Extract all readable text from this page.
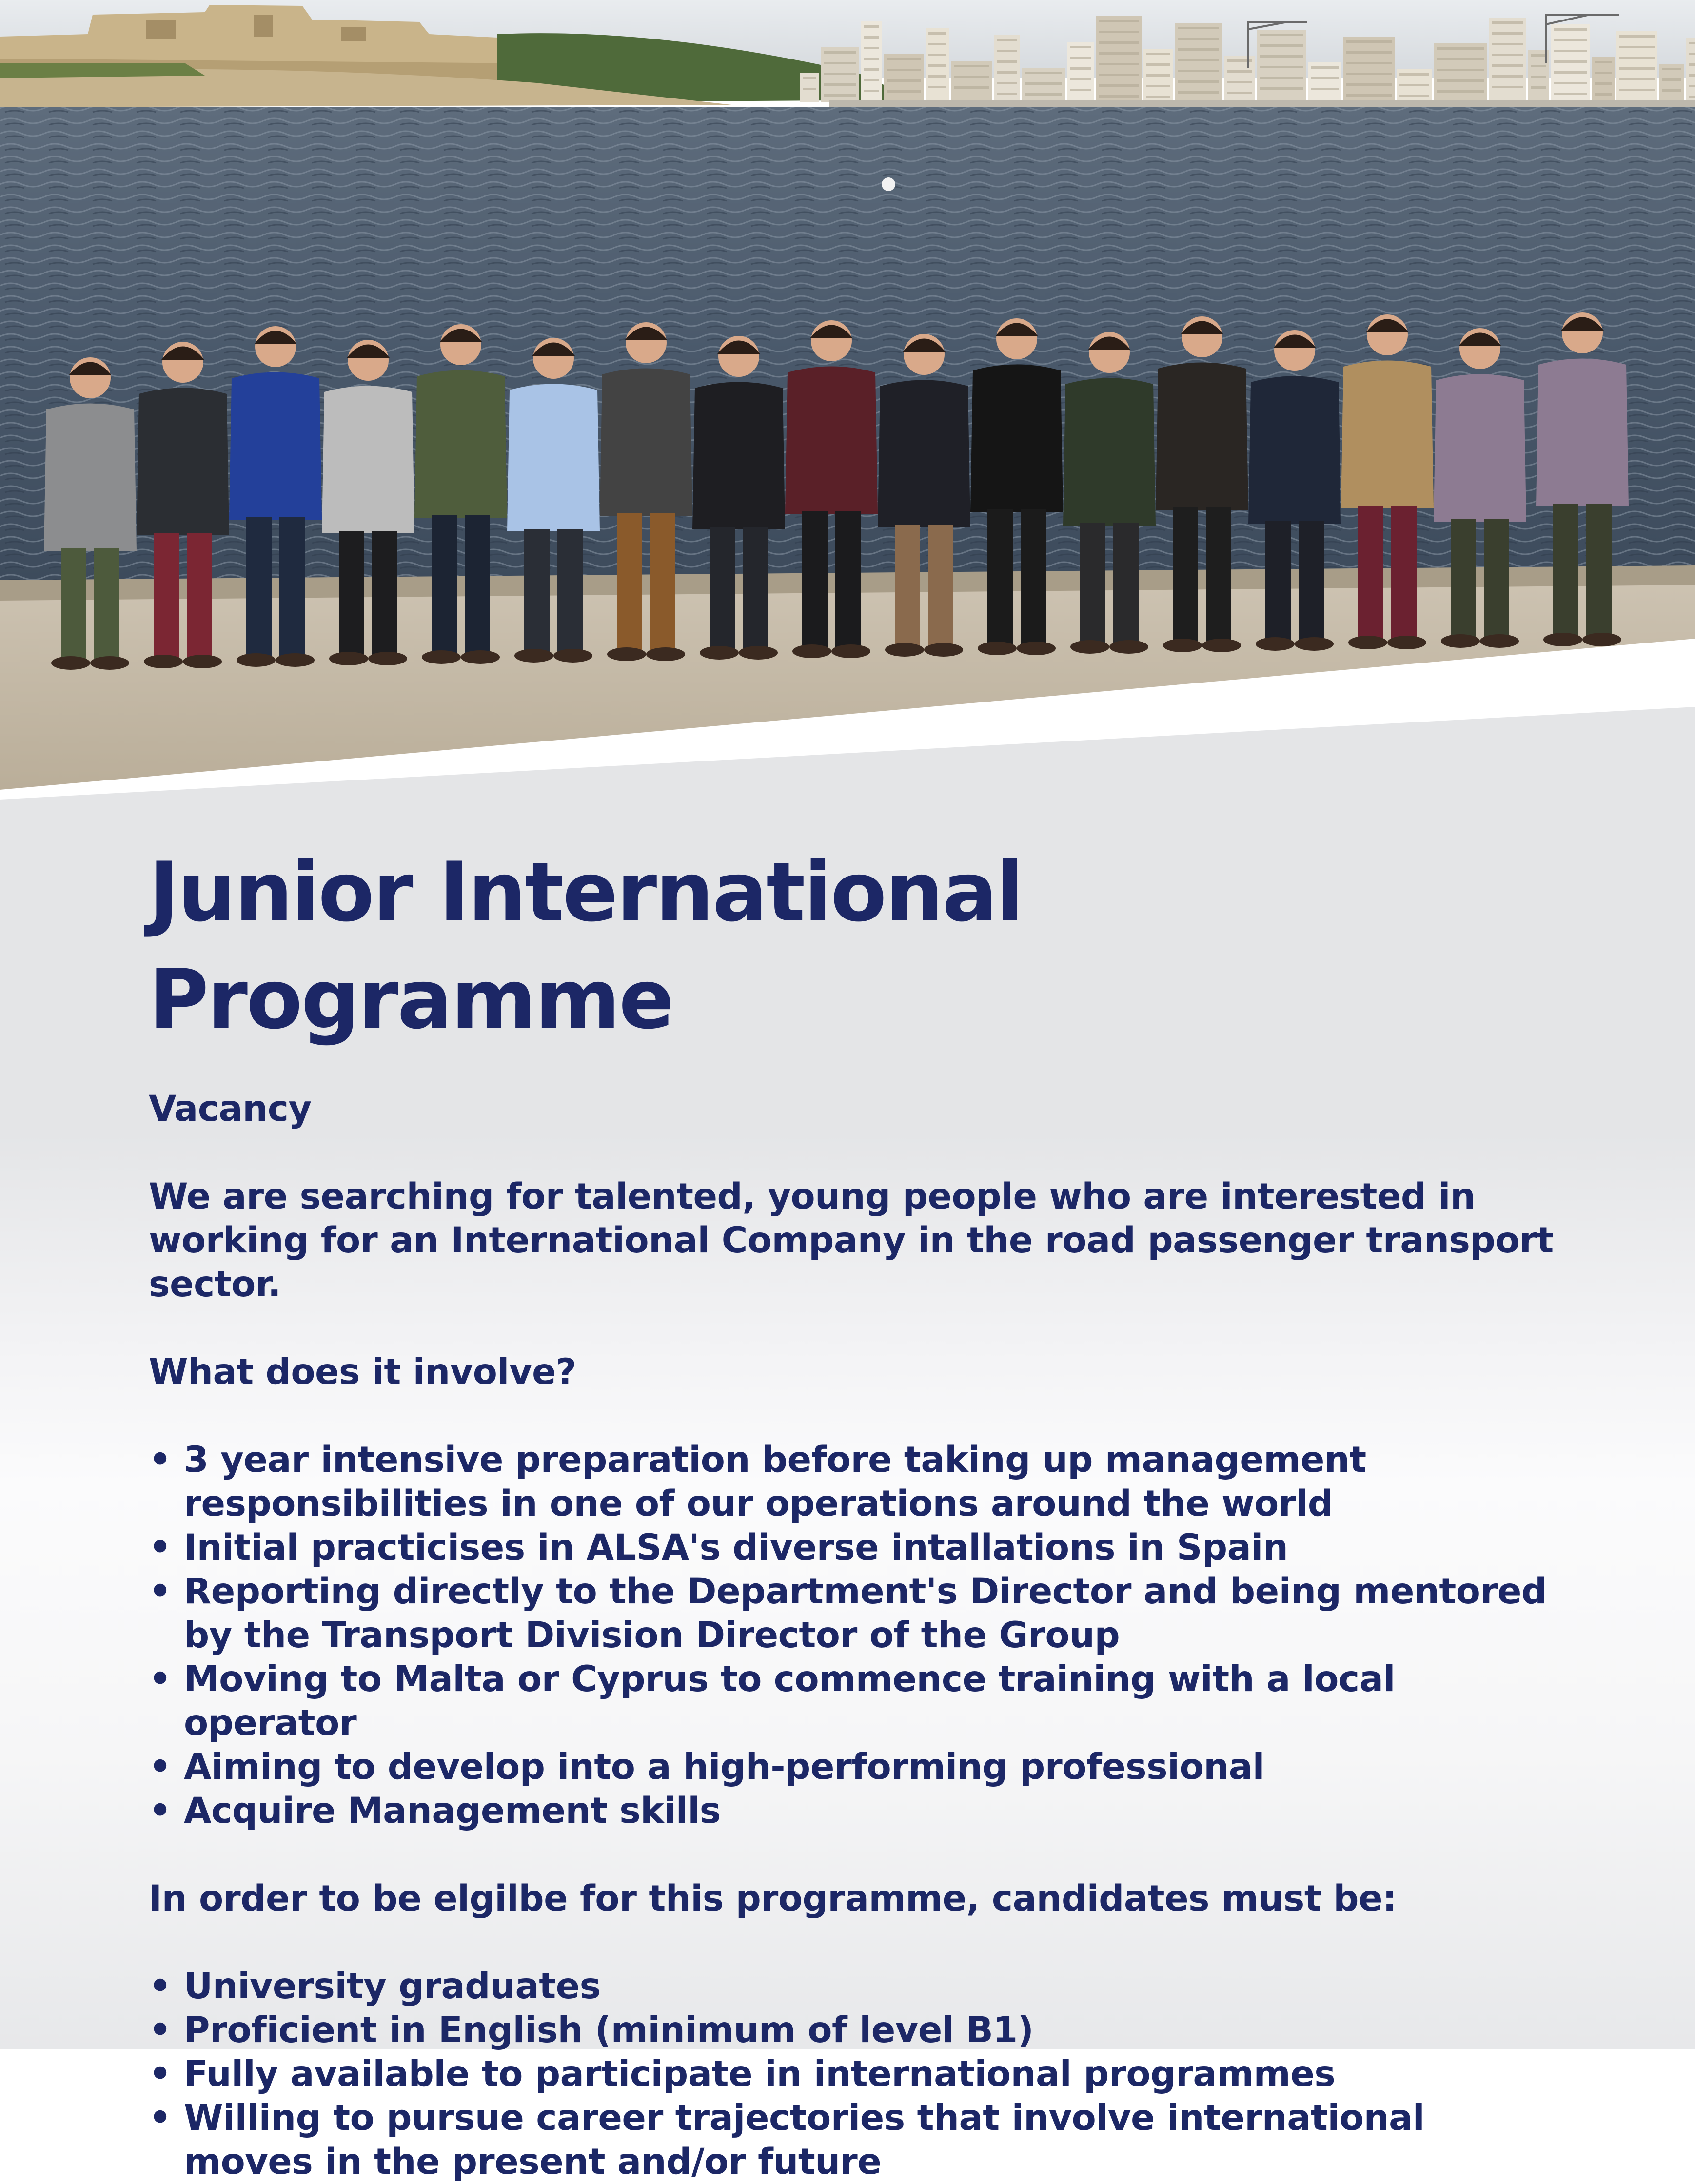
Junior International Programme
Vacancy

We are searching for talented, young people who are interested in working for an International Company in the road passenger transport sector.

What does it involve?

• 3 year intensive preparation before taking up management responsibilities in one of our operations around the world
• Initial practicises in ALSA's diverse intallations in Spain
• Reporting directly to the Department's Director and being mentored by the Transport Division Director of the Group
• Moving to Malta or Cyprus to commence training with a local operator
• Aiming to develop into a high-performing professional
• Acquire Management skills

In order to be elgilbe for this programme, candidates must be:

• University graduates
• Proficient in English (minimum of level B1)
• Fully available to participate in international programmes
• Willing to pursue career trajectories that involve international moves in the present and/or future
